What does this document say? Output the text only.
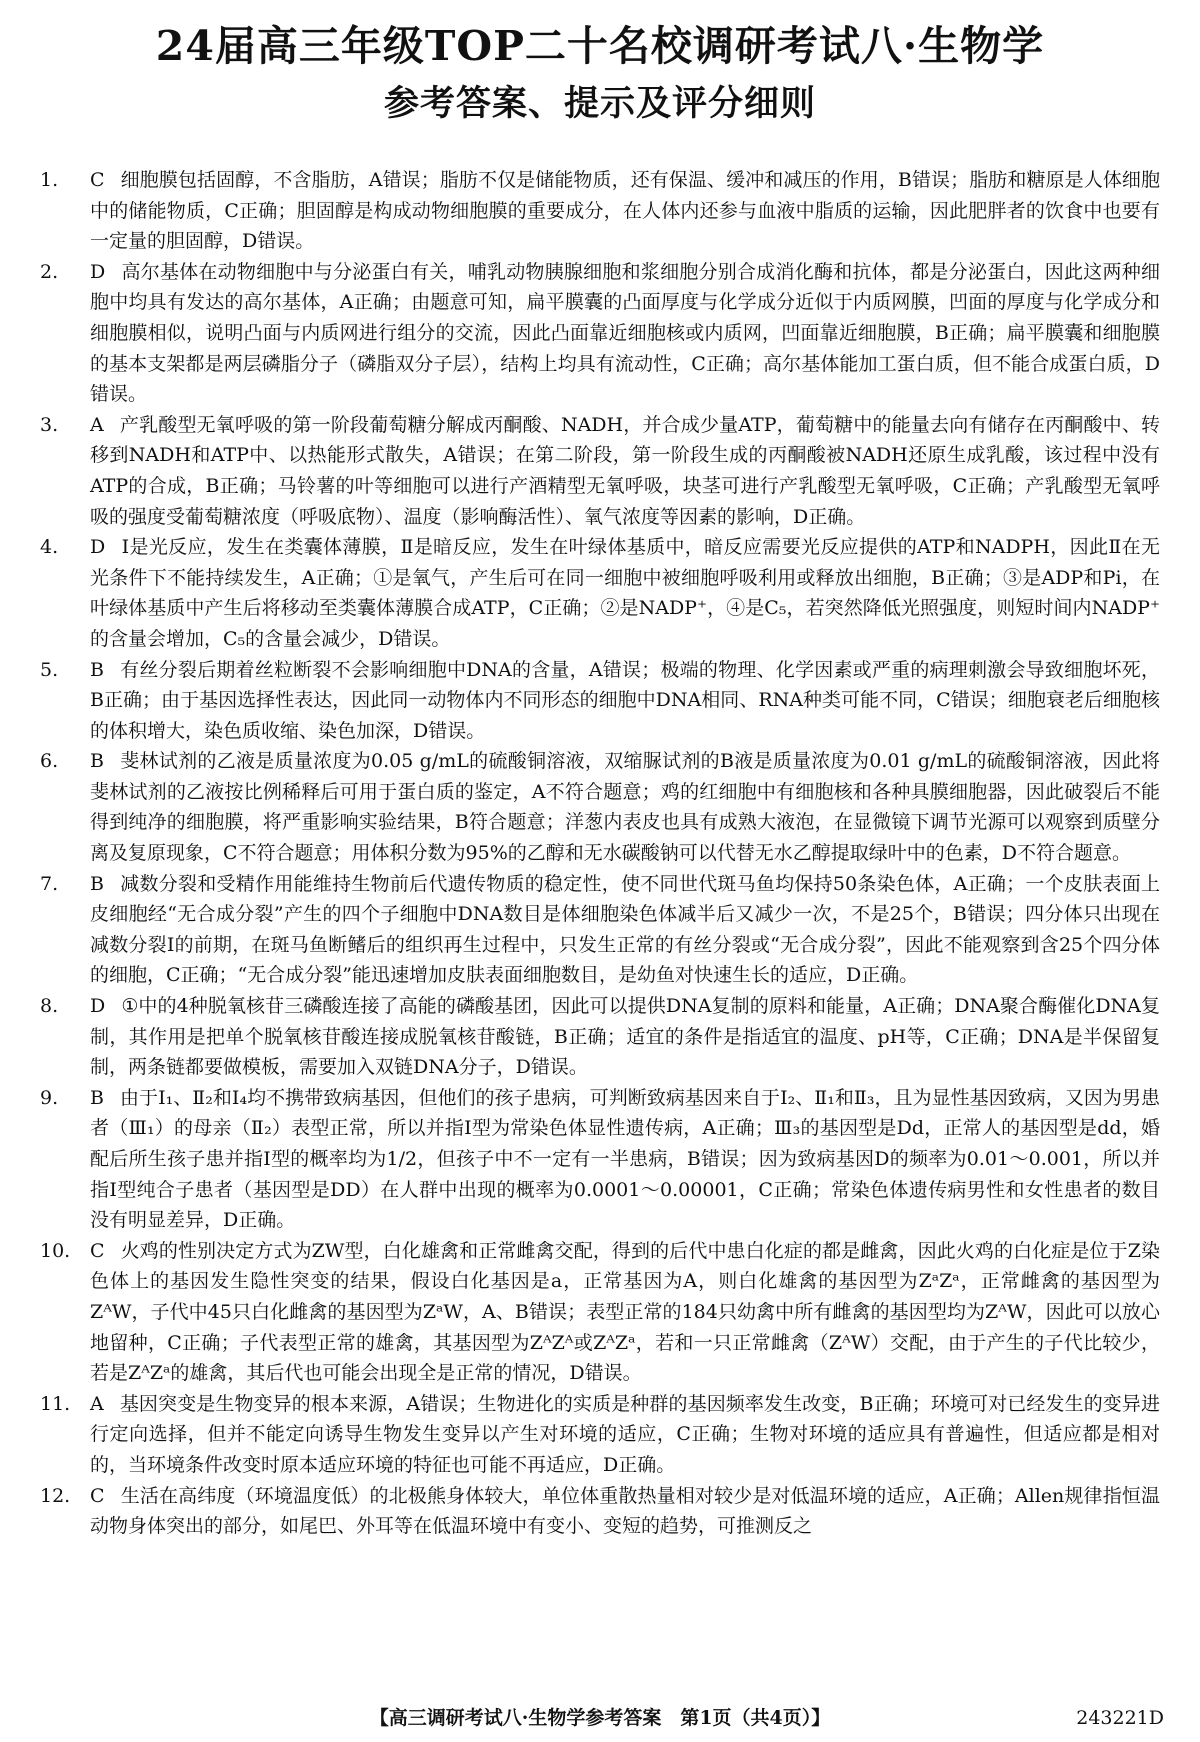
24届高三年级TOP二十名校调研考试八·生物学
参考答案、提示及评分细则

1.	C 细胞膜包括固醇，不含脂肪，A错误；脂肪不仅是储能物质，还有保温、缓冲和减压的作用，B错误；脂肪和糖原是人体细胞中的储能物质，C正确；胆固醇是构成动物细胞膜的重要成分，在人体内还参与血液中脂质的运输，因此肥胖者的饮食中也要有一定量的胆固醇，D错误。

2.	D 高尔基体在动物细胞中与分泌蛋白有关，哺乳动物胰腺细胞和浆细胞分别合成消化酶和抗体，都是分泌蛋白，因此这两种细胞中均具有发达的高尔基体，A正确；由题意可知，扁平膜囊的凸面厚度与化学成分近似于内质网膜，凹面的厚度与化学成分和细胞膜相似，说明凸面与内质网进行组分的交流，因此凸面靠近细胞核或内质网，凹面靠近细胞膜，B正确；扁平膜囊和细胞膜的基本支架都是两层磷脂分子（磷脂双分子层），结构上均具有流动性，C正确；高尔基体能加工蛋白质，但不能合成蛋白质，D错误。

3.	A 产乳酸型无氧呼吸的第一阶段葡萄糖分解成丙酮酸、NADH，并合成少量ATP，葡萄糖中的能量去向有储存在丙酮酸中、转移到NADH和ATP中、以热能形式散失，A错误；在第二阶段，第一阶段生成的丙酮酸被NADH还原生成乳酸，该过程中没有ATP的合成，B正确；马铃薯的叶等细胞可以进行产酒精型无氧呼吸，块茎可进行产乳酸型无氧呼吸，C正确；产乳酸型无氧呼吸的强度受葡萄糖浓度（呼吸底物）、温度（影响酶活性）、氧气浓度等因素的影响，D正确。

4.	D Ⅰ是光反应，发生在类囊体薄膜，Ⅱ是暗反应，发生在叶绿体基质中，暗反应需要光反应提供的ATP和NADPH，因此Ⅱ在无光条件下不能持续发生，A正确；①是氧气，产生后可在同一细胞中被细胞呼吸利用或释放出细胞，B正确；③是ADP和Pi，在叶绿体基质中产生后将移动至类囊体薄膜合成ATP，C正确；②是NADP⁺，④是C₅，若突然降低光照强度，则短时间内NADP⁺的含量会增加，C₅的含量会减少，D错误。

5.	B 有丝分裂后期着丝粒断裂不会影响细胞中DNA的含量，A错误；极端的物理、化学因素或严重的病理刺激会导致细胞坏死，B正确；由于基因选择性表达，因此同一动物体内不同形态的细胞中DNA相同、RNA种类可能不同，C错误；细胞衰老后细胞核的体积增大，染色质收缩、染色加深，D错误。

6.	B 斐林试剂的乙液是质量浓度为0.05 g/mL的硫酸铜溶液，双缩脲试剂的B液是质量浓度为0.01 g/mL的硫酸铜溶液，因此将斐林试剂的乙液按比例稀释后可用于蛋白质的鉴定，A不符合题意；鸡的红细胞中有细胞核和各种具膜细胞器，因此破裂后不能得到纯净的细胞膜，将严重影响实验结果，B符合题意；洋葱内表皮也具有成熟大液泡，在显微镜下调节光源可以观察到质壁分离及复原现象，C不符合题意；用体积分数为95%的乙醇和无水碳酸钠可以代替无水乙醇提取绿叶中的色素，D不符合题意。

7.	B 减数分裂和受精作用能维持生物前后代遗传物质的稳定性，使不同世代斑马鱼均保持50条染色体，A正确；一个皮肤表面上皮细胞经“无合成分裂”产生的四个子细胞中DNA数目是体细胞染色体减半后又减少一次，不是25个，B错误；四分体只出现在减数分裂Ⅰ的前期，在斑马鱼断鳍后的组织再生过程中，只发生正常的有丝分裂或“无合成分裂”，因此不能观察到含25个四分体的细胞，C正确；“无合成分裂”能迅速增加皮肤表面细胞数目，是幼鱼对快速生长的适应，D正确。

8.	D ①中的4种脱氧核苷三磷酸连接了高能的磷酸基团，因此可以提供DNA复制的原料和能量，A正确；DNA聚合酶催化DNA复制，其作用是把单个脱氧核苷酸连接成脱氧核苷酸链，B正确；适宜的条件是指适宜的温度、pH等，C正确；DNA是半保留复制，两条链都要做模板，需要加入双链DNA分子，D错误。

9.	B 由于Ⅰ₁、Ⅱ₂和Ⅰ₄均不携带致病基因，但他们的孩子患病，可判断致病基因来自于Ⅰ₂、Ⅱ₁和Ⅱ₃，且为显性基因致病，又因为男患者（Ⅲ₁）的母亲（Ⅱ₂）表型正常，所以并指Ⅰ型为常染色体显性遗传病，A正确；Ⅲ₃的基因型是Dd，正常人的基因型是dd，婚配后所生孩子患并指Ⅰ型的概率均为1/2，但孩子中不一定有一半患病，B错误；因为致病基因D的频率为0.01～0.001，所以并指Ⅰ型纯合子患者（基因型是DD）在人群中出现的概率为0.0001～0.00001，C正确；常染色体遗传病男性和女性患者的数目没有明显差异，D正确。

10.	C 火鸡的性别决定方式为ZW型，白化雄禽和正常雌禽交配，得到的后代中患白化症的都是雌禽，因此火鸡的白化症是位于Z染色体上的基因发生隐性突变的结果，假设白化基因是a，正常基因为A，则白化雄禽的基因型为ZᵃZᵃ，正常雌禽的基因型为ZᴬW，子代中45只白化雌禽的基因型为ZᵃW，A、B错误；表型正常的184只幼禽中所有雌禽的基因型均为ZᴬW，因此可以放心地留种，C正确；子代表型正常的雄禽，其基因型为ZᴬZᴬ或ZᴬZᵃ，若和一只正常雌禽（ZᴬW）交配，由于产生的子代比较少，若是ZᴬZᵃ的雄禽，其后代也可能会出现全是正常的情况，D错误。

11.	A 基因突变是生物变异的根本来源，A错误；生物进化的实质是种群的基因频率发生改变，B正确；环境可对已经发生的变异进行定向选择，但并不能定向诱导生物发生变异以产生对环境的适应，C正确；生物对环境的适应具有普遍性，但适应都是相对的，当环境条件改变时原本适应环境的特征也可能不再适应，D正确。

12.	C 生活在高纬度（环境温度低）的北极熊身体较大，单位体重散热量相对较少是对低温环境的适应，A正确；Allen规律指恒温动物身体突出的部分，如尾巴、外耳等在低温环境中有变小、变短的趋势，可推测反之

【高三调研考试八·生物学参考答案　第1页（共4页）】	243221D
